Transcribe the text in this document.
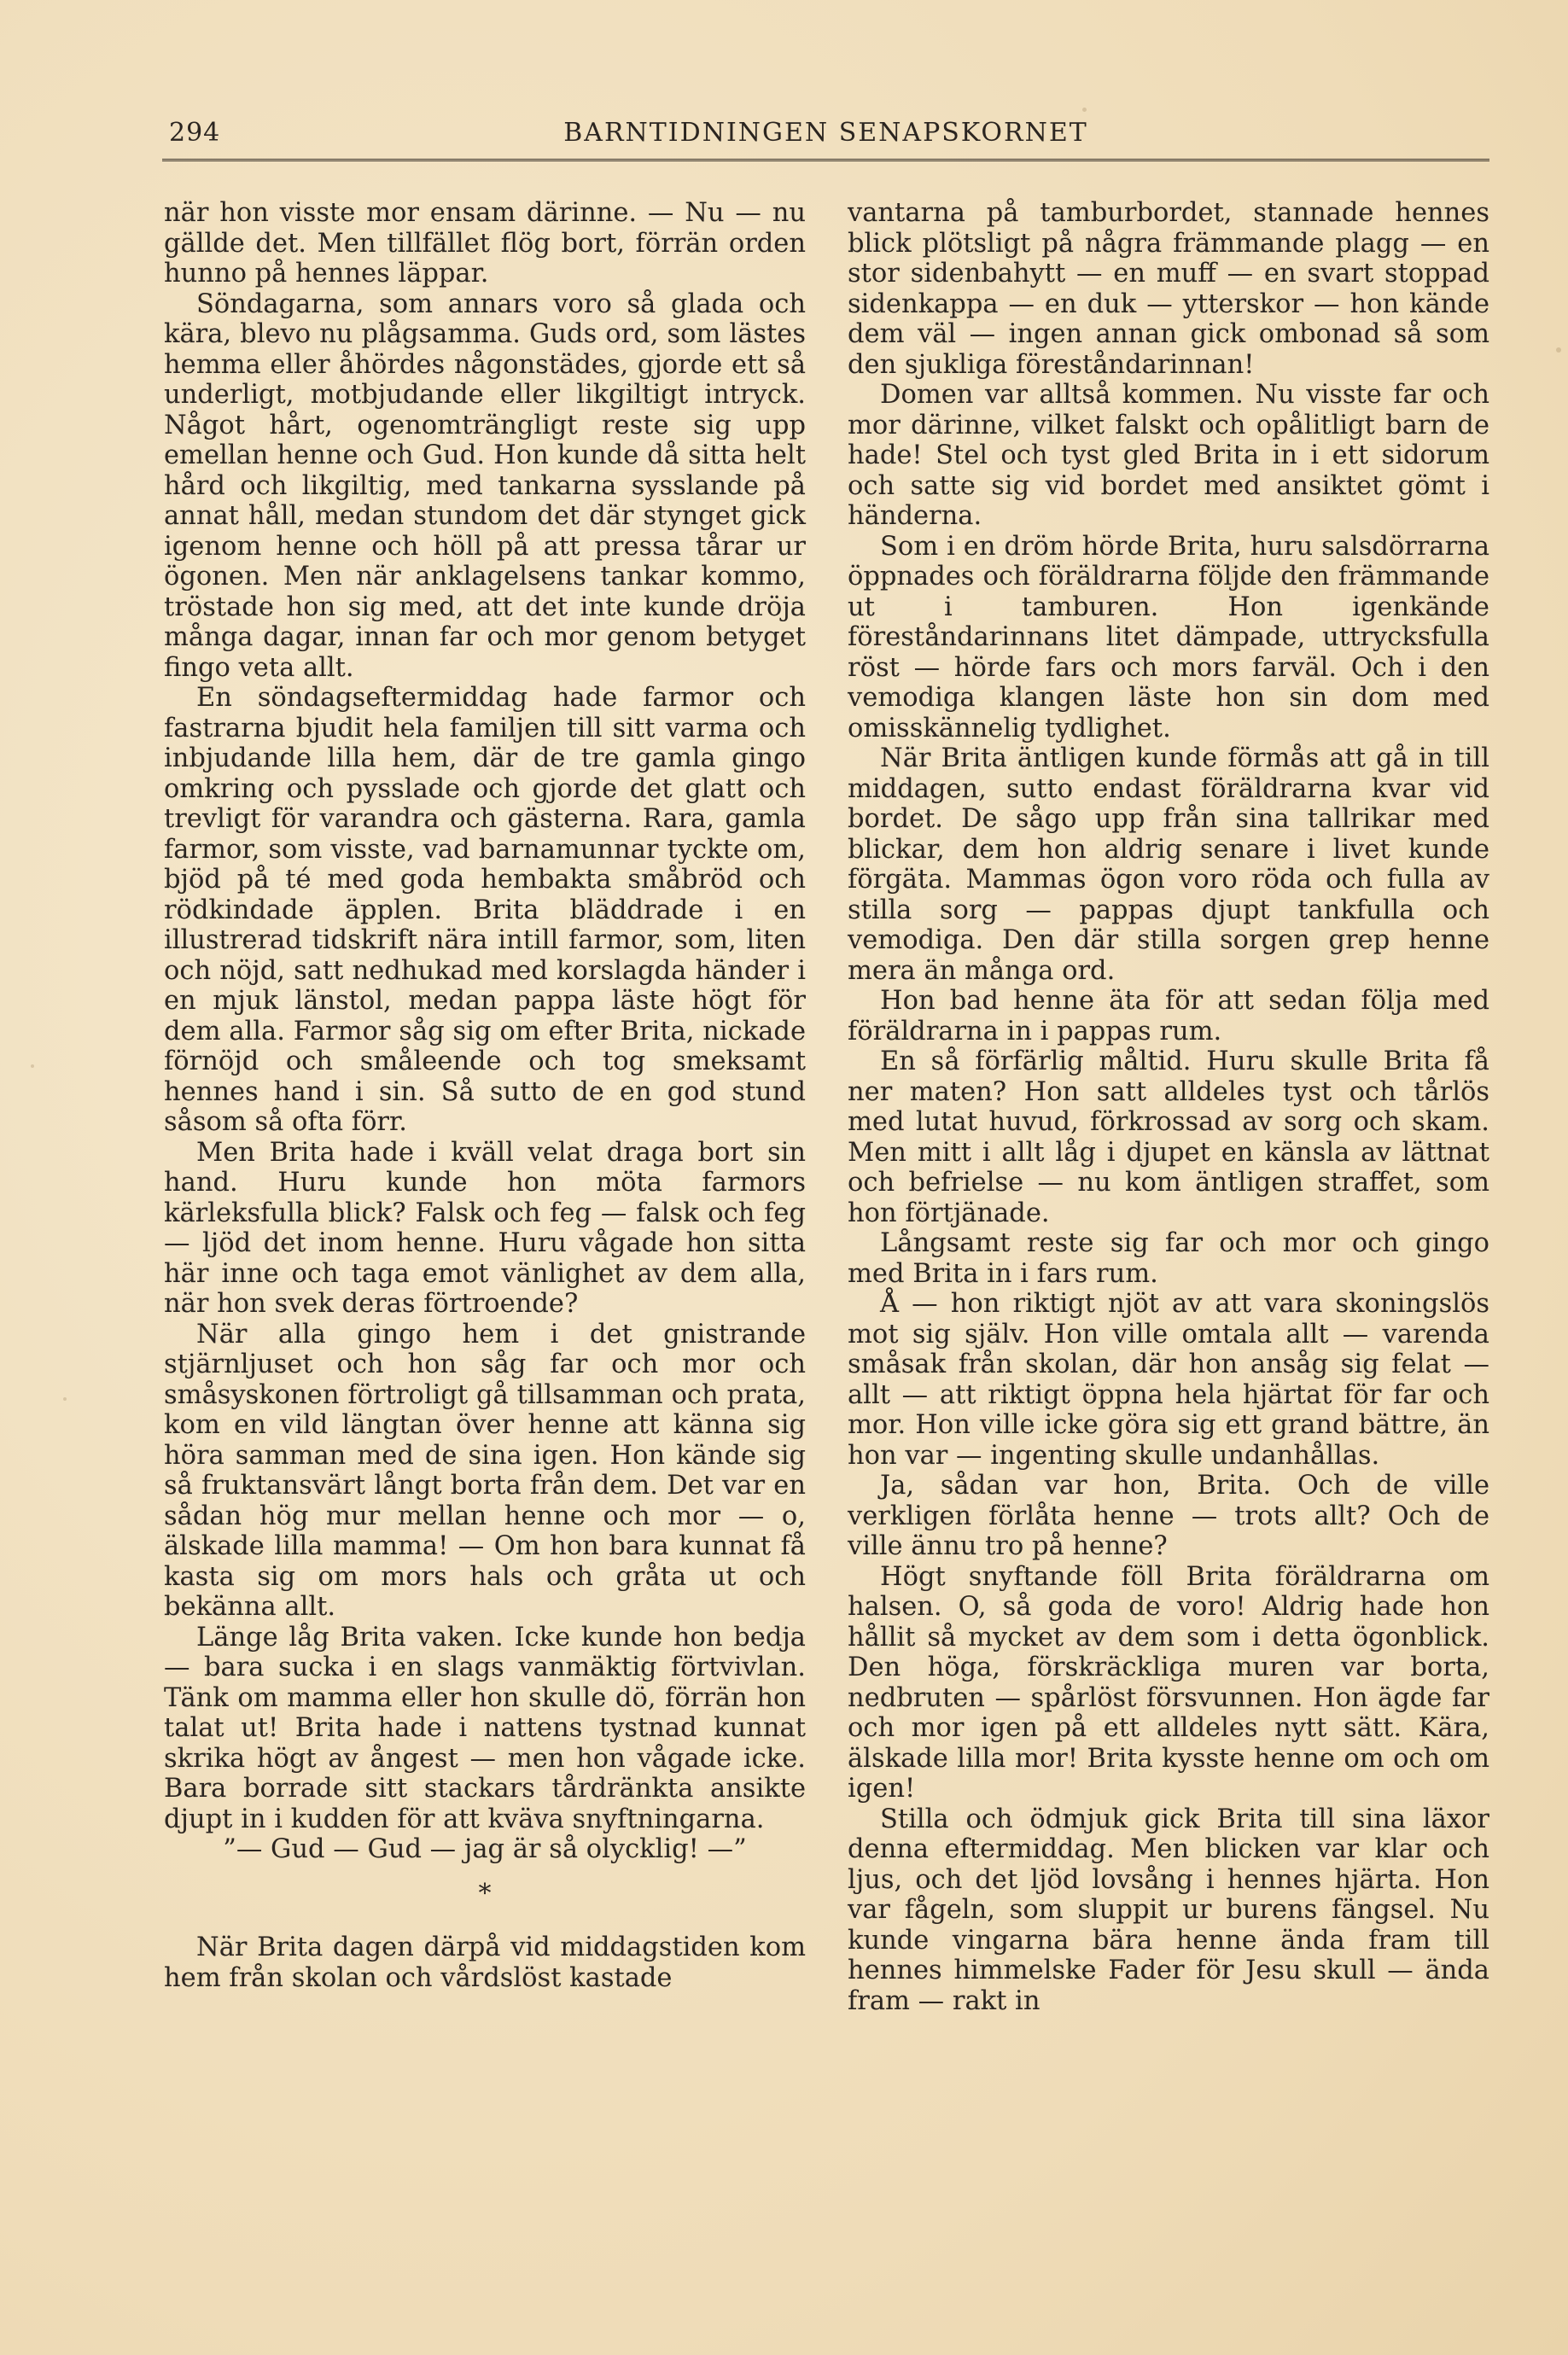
294	BARNTIDNINGEN SENAPSKORNET

när hon visste mor ensam därinne. — Nu — nu gällde det. Men tillfället flög bort, förrän orden hunno på hennes läppar.

Söndagarna, som annars voro så glada och kära, blevo nu plågsamma. Guds ord, som lästes hemma eller åhördes någonstädes, gjorde ett så underligt, motbjudande eller likgiltigt intryck. Något hårt, ogenomträngligt reste sig upp emellan henne och Gud. Hon kunde då sitta helt hård och likgiltig, med tankarna sysslande på annat håll, medan stundom det där stynget gick igenom henne och höll på att pressa tårar ur ögonen. Men när anklagelsens tankar kommo, tröstade hon sig med, att det inte kunde dröja många dagar, innan far och mor genom betyget fingo veta allt.

En söndagseftermiddag hade farmor och fastrarna bjudit hela familjen till sitt varma och inbjudande lilla hem, där de tre gamla gingo omkring och pysslade och gjorde det glatt och trevligt för varandra och gästerna. Rara, gamla farmor, som visste, vad barnamunnar tyckte om, bjöd på té med goda hembakta småbröd och rödkindade äpplen. Brita bläddrade i en illustrerad tidskrift nära intill farmor, som, liten och nöjd, satt nedhukad med korslagda händer i en mjuk länstol, medan pappa läste högt för dem alla. Farmor såg sig om efter Brita, nickade förnöjd och småleende och tog smeksamt hennes hand i sin. Så sutto de en god stund såsom så ofta förr.

Men Brita hade i kväll velat draga bort sin hand. Huru kunde hon möta farmors kärleksfulla blick? Falsk och feg — falsk och feg — ljöd det inom henne. Huru vågade hon sitta här inne och taga emot vänlighet av dem alla, när hon svek deras förtroende?

När alla gingo hem i det gnistrande stjärnljuset och hon såg far och mor och småsyskonen förtroligt gå tillsamman och prata, kom en vild längtan över henne att känna sig höra samman med de sina igen. Hon kände sig så fruktansvärt långt borta från dem. Det var en sådan hög mur mellan henne och mor — o, älskade lilla mamma! — Om hon bara kunnat få kasta sig om mors hals och gråta ut och bekänna allt.

Länge låg Brita vaken. Icke kunde hon bedja — bara sucka i en slags vanmäktig förtvivlan. Tänk om mamma eller hon skulle dö, förrän hon talat ut! Brita hade i nattens tystnad kunnat skrika högt av ångest — men hon vågade icke. Bara borrade sitt stackars tårdränkta ansikte djupt in i kudden för att kväva snyftningarna.

”— Gud — Gud — jag är så olycklig! —”

*

När Brita dagen därpå vid middagstiden kom hem från skolan och vårdslöst kastade

vantarna på tamburbordet, stannade hennes blick plötsligt på några främmande plagg — en stor sidenbahytt — en muff — en svart stoppad sidenkappa — en duk — ytterskor — hon kände dem väl — ingen annan gick ombonad så som den sjukliga föreståndarinnan!

Domen var alltså kommen. Nu visste far och mor därinne, vilket falskt och opålitligt barn de hade! Stel och tyst gled Brita in i ett sidorum och satte sig vid bordet med ansiktet gömt i händerna.

Som i en dröm hörde Brita, huru salsdörrarna öppnades och föräldrarna följde den främmande ut i tamburen. Hon igenkände föreståndarinnans litet dämpade, uttrycksfulla röst — hörde fars och mors farväl. Och i den vemodiga klangen läste hon sin dom med omisskännelig tydlighet.

När Brita äntligen kunde förmås att gå in till middagen, sutto endast föräldrarna kvar vid bordet. De sågo upp från sina tallrikar med blickar, dem hon aldrig senare i livet kunde förgäta. Mammas ögon voro röda och fulla av stilla sorg — pappas djupt tankfulla och vemodiga. Den där stilla sorgen grep henne mera än många ord.

Hon bad henne äta för att sedan följa med föräldrarna in i pappas rum.

En så förfärlig måltid. Huru skulle Brita få ner maten? Hon satt alldeles tyst och tårlös med lutat huvud, förkrossad av sorg och skam. Men mitt i allt låg i djupet en känsla av lättnat och befrielse — nu kom äntligen straffet, som hon förtjänade.

Långsamt reste sig far och mor och gingo med Brita in i fars rum.

Å — hon riktigt njöt av att vara skoningslös mot sig själv. Hon ville omtala allt — varenda småsak från skolan, där hon ansåg sig felat — allt — att riktigt öppna hela hjärtat för far och mor. Hon ville icke göra sig ett grand bättre, än hon var — ingenting skulle undanhållas.

Ja, sådan var hon, Brita. Och de ville verkligen förlåta henne — trots allt? Och de ville ännu tro på henne?

Högt snyftande föll Brita föräldrarna om halsen. O, så goda de voro! Aldrig hade hon hållit så mycket av dem som i detta ögonblick. Den höga, förskräckliga muren var borta, nedbruten — spårlöst försvunnen. Hon ägde far och mor igen på ett alldeles nytt sätt. Kära, älskade lilla mor! Brita kysste henne om och om igen!

Stilla och ödmjuk gick Brita till sina läxor denna eftermiddag. Men blicken var klar och ljus, och det ljöd lovsång i hennes hjärta. Hon var fågeln, som sluppit ur burens fängsel. Nu kunde vingarna bära henne ända fram till hennes himmelske Fader för Jesu skull — ända fram — rakt in
